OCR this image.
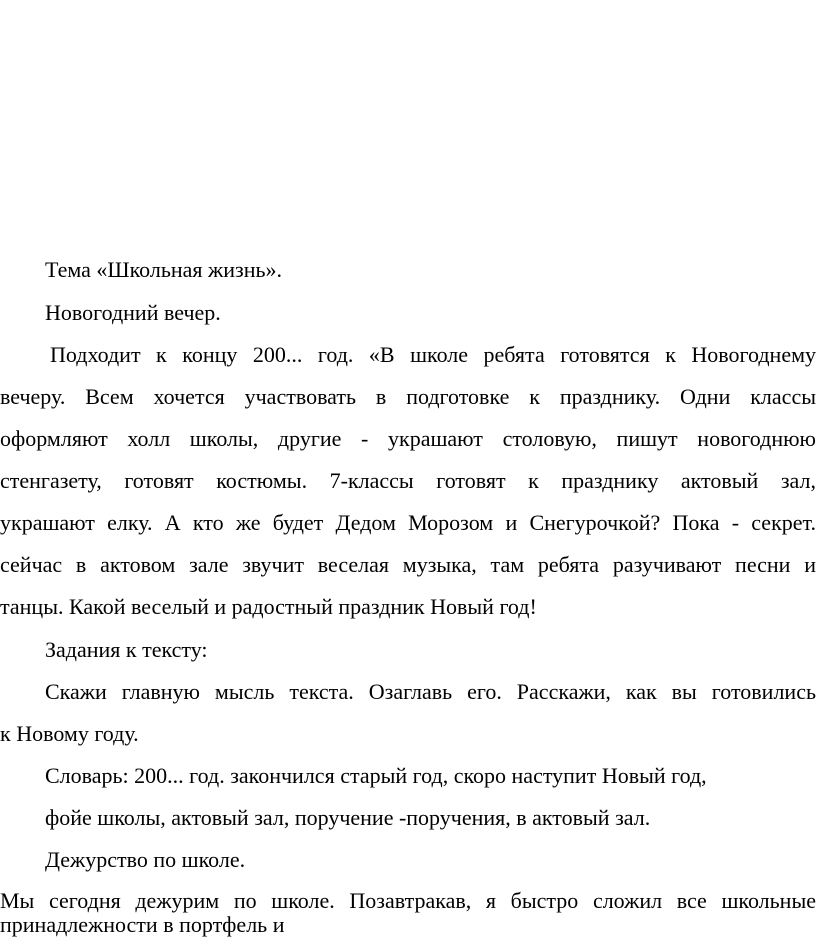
Тема «Школьная жизнь».
Новогодний вечер.
Подходит к концу 200... год. «В школе ребята готовятся к Новогоднему
вечеру. Всем хочется участвовать в подготовке к празднику. Одни классы
оформляют холл школы, другие - украшают столовую, пишут новогоднюю
стенгазету, готовят костюмы. 7-классы готовят к празднику актовый зал,
украшают елку. А кто же будет Дедом Морозом и Снегурочкой? Пока - секрет.
сейчас в актовом зале звучит веселая музыка, там ребята разучивают песни и
танцы. Какой веселый и радостный праздник Новый год!
Задания к тексту:
Скажи главную мысль текста. Озаглавь его. Расскажи, как вы готовились
к Новому году.
Словарь: 200... год. закончился старый год, скоро наступит Новый год,
фойе школы, актовый зал, поручение -поручения, в актовый зал.
Дежурство по школе.
Мы сегодня дежурим по школе. Позавтракав, я быстро сложил все школьные
принадлежности в портфель и
